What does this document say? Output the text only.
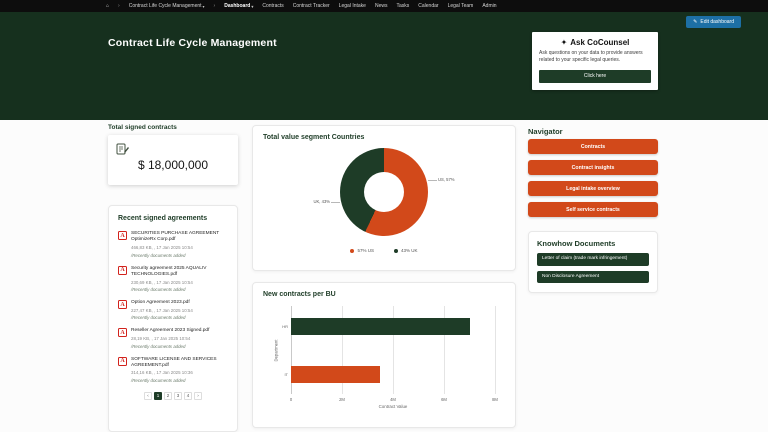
⌂ › Contract Life Cycle Management ▾ › Dashboard ▾ Contracts Contract Tracker Legal Intake News Tasks Calendar Legal Team Admin
Contract Life Cycle Management
✎ Edit dashboard
✦ Ask CoCounsel
Ask questions on your data to provide answers related to your specific legal queries.
Click here
Total signed contracts
$ 18,000,000
Recent signed agreements
A	SECURITIES PURCHASE AGREEMENT OptimizeRx Corp.pdf
466,83 KB, , 17 Jan 2025 10:54
/Recently documents added
A	Security agreement 2025 AQUALIV TECHNOLOGIES.pdf
230,69 KB, , 17 Jan 2025 10:54
/Recently documents added
A	Option Agreement 2023.pdf
227,47 KB, , 17 Jan 2025 10:54
/Recently documents added
A	Reseller Agreement 2023 Signed.pdf
28,19 KB, , 17 Jan 2025 10:54
/Recently documents added
A	SOFTWARE LICENSE AND SERVICES AGREEMENT.pdf
314,16 KB, , 17 Jan 2025 10:36
/Recently documents added
‹	1	2	3	4	›
Total value segment Countries
US, 57%
UK, 43%
57% US	43% UK
New contracts per BU
Department
HR
IT
0	2M	4M	6M	8M
Contract Value
Navigator
Contracts
Contract insights
Legal intake overview
Self service contracts
Knowhow Documents
Letter of claim (trade mark infringement)
Non Disclosure Agreement
